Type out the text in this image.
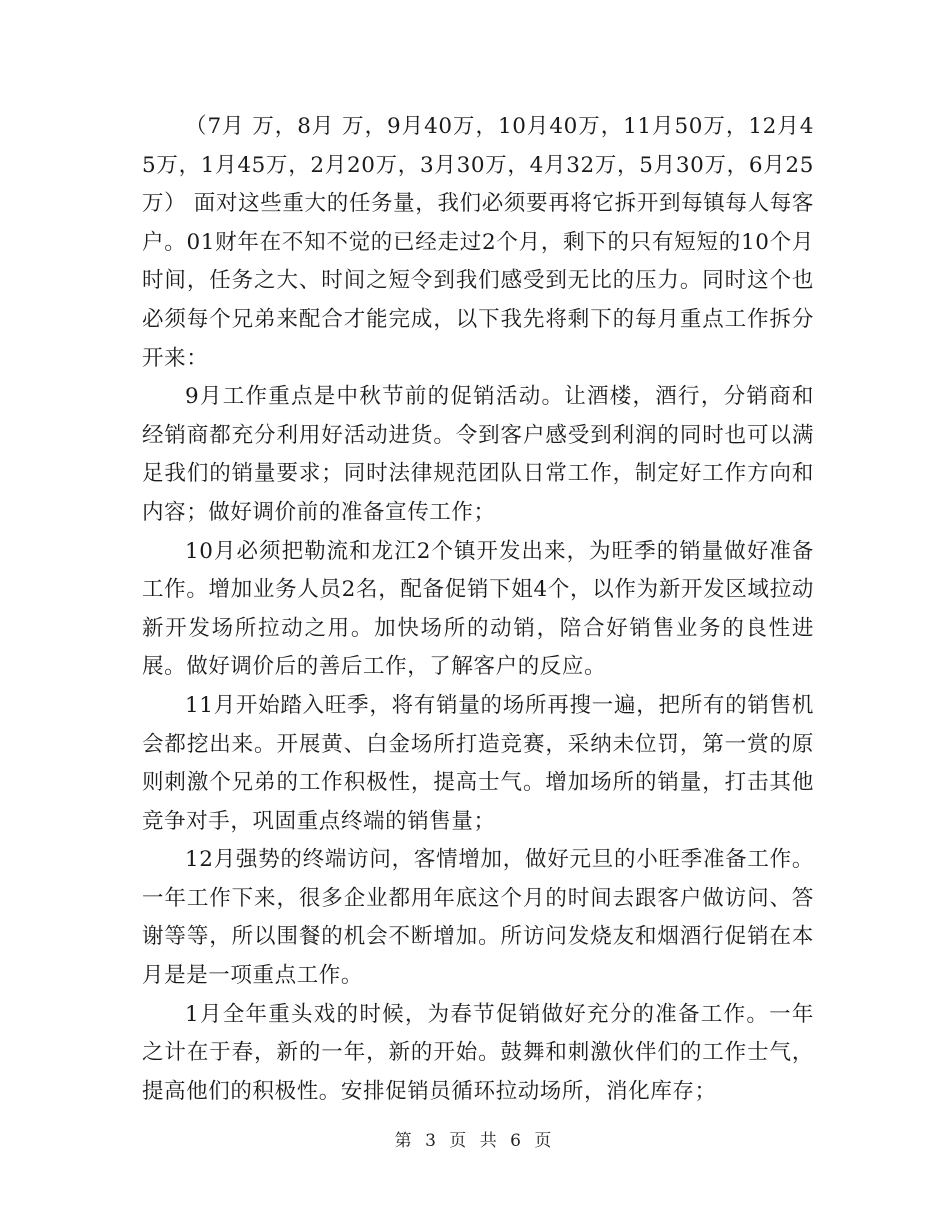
（7月 万，8月 万，9月40万，10月40万，11月50万，12月45万，1月45万，2月20万，3月30万，4月32万，5月30万，6月25万） 面对这些重大的任务量，我们必须要再将它拆开到每镇每人每客户。01财年在不知不觉的已经走过2个月，剩下的只有短短的10个月时间，任务之大、时间之短令到我们感受到无比的压力。同时这个也必须每个兄弟来配合才能完成，以下我先将剩下的每月重点工作拆分开来：

9月工作重点是中秋节前的促销活动。让酒楼，酒行，分销商和经销商都充分利用好活动进货。令到客户感受到利润的同时也可以满足我们的销量要求；同时法律规范团队日常工作，制定好工作方向和内容；做好调价前的准备宣传工作；

10月必须把勒流和龙江2个镇开发出来，为旺季的销量做好准备工作。增加业务人员2名，配备促销下姐4个，以作为新开发区域拉动新开发场所拉动之用。加快场所的动销，陪合好销售业务的良性进展。做好调价后的善后工作，了解客户的反应。

11月开始踏入旺季，将有销量的场所再搜一遍，把所有的销售机会都挖出来。开展黄、白金场所打造竞赛，采纳未位罚，第一赏的原则刺激个兄弟的工作积极性，提高士气。增加场所的销量，打击其他竞争对手，巩固重点终端的销售量；

12月强势的终端访问，客情增加，做好元旦的小旺季准备工作。一年工作下来，很多企业都用年底这个月的时间去跟客户做访问、答谢等等，所以围餐的机会不断增加。所访问发烧友和烟酒行促销在本月是是一项重点工作。

1月全年重头戏的时候，为春节促销做好充分的准备工作。一年之计在于春，新的一年，新的开始。鼓舞和刺激伙伴们的工作士气，提高他们的积极性。安排促销员循环拉动场所，消化库存；

第 3 页 共 6 页
